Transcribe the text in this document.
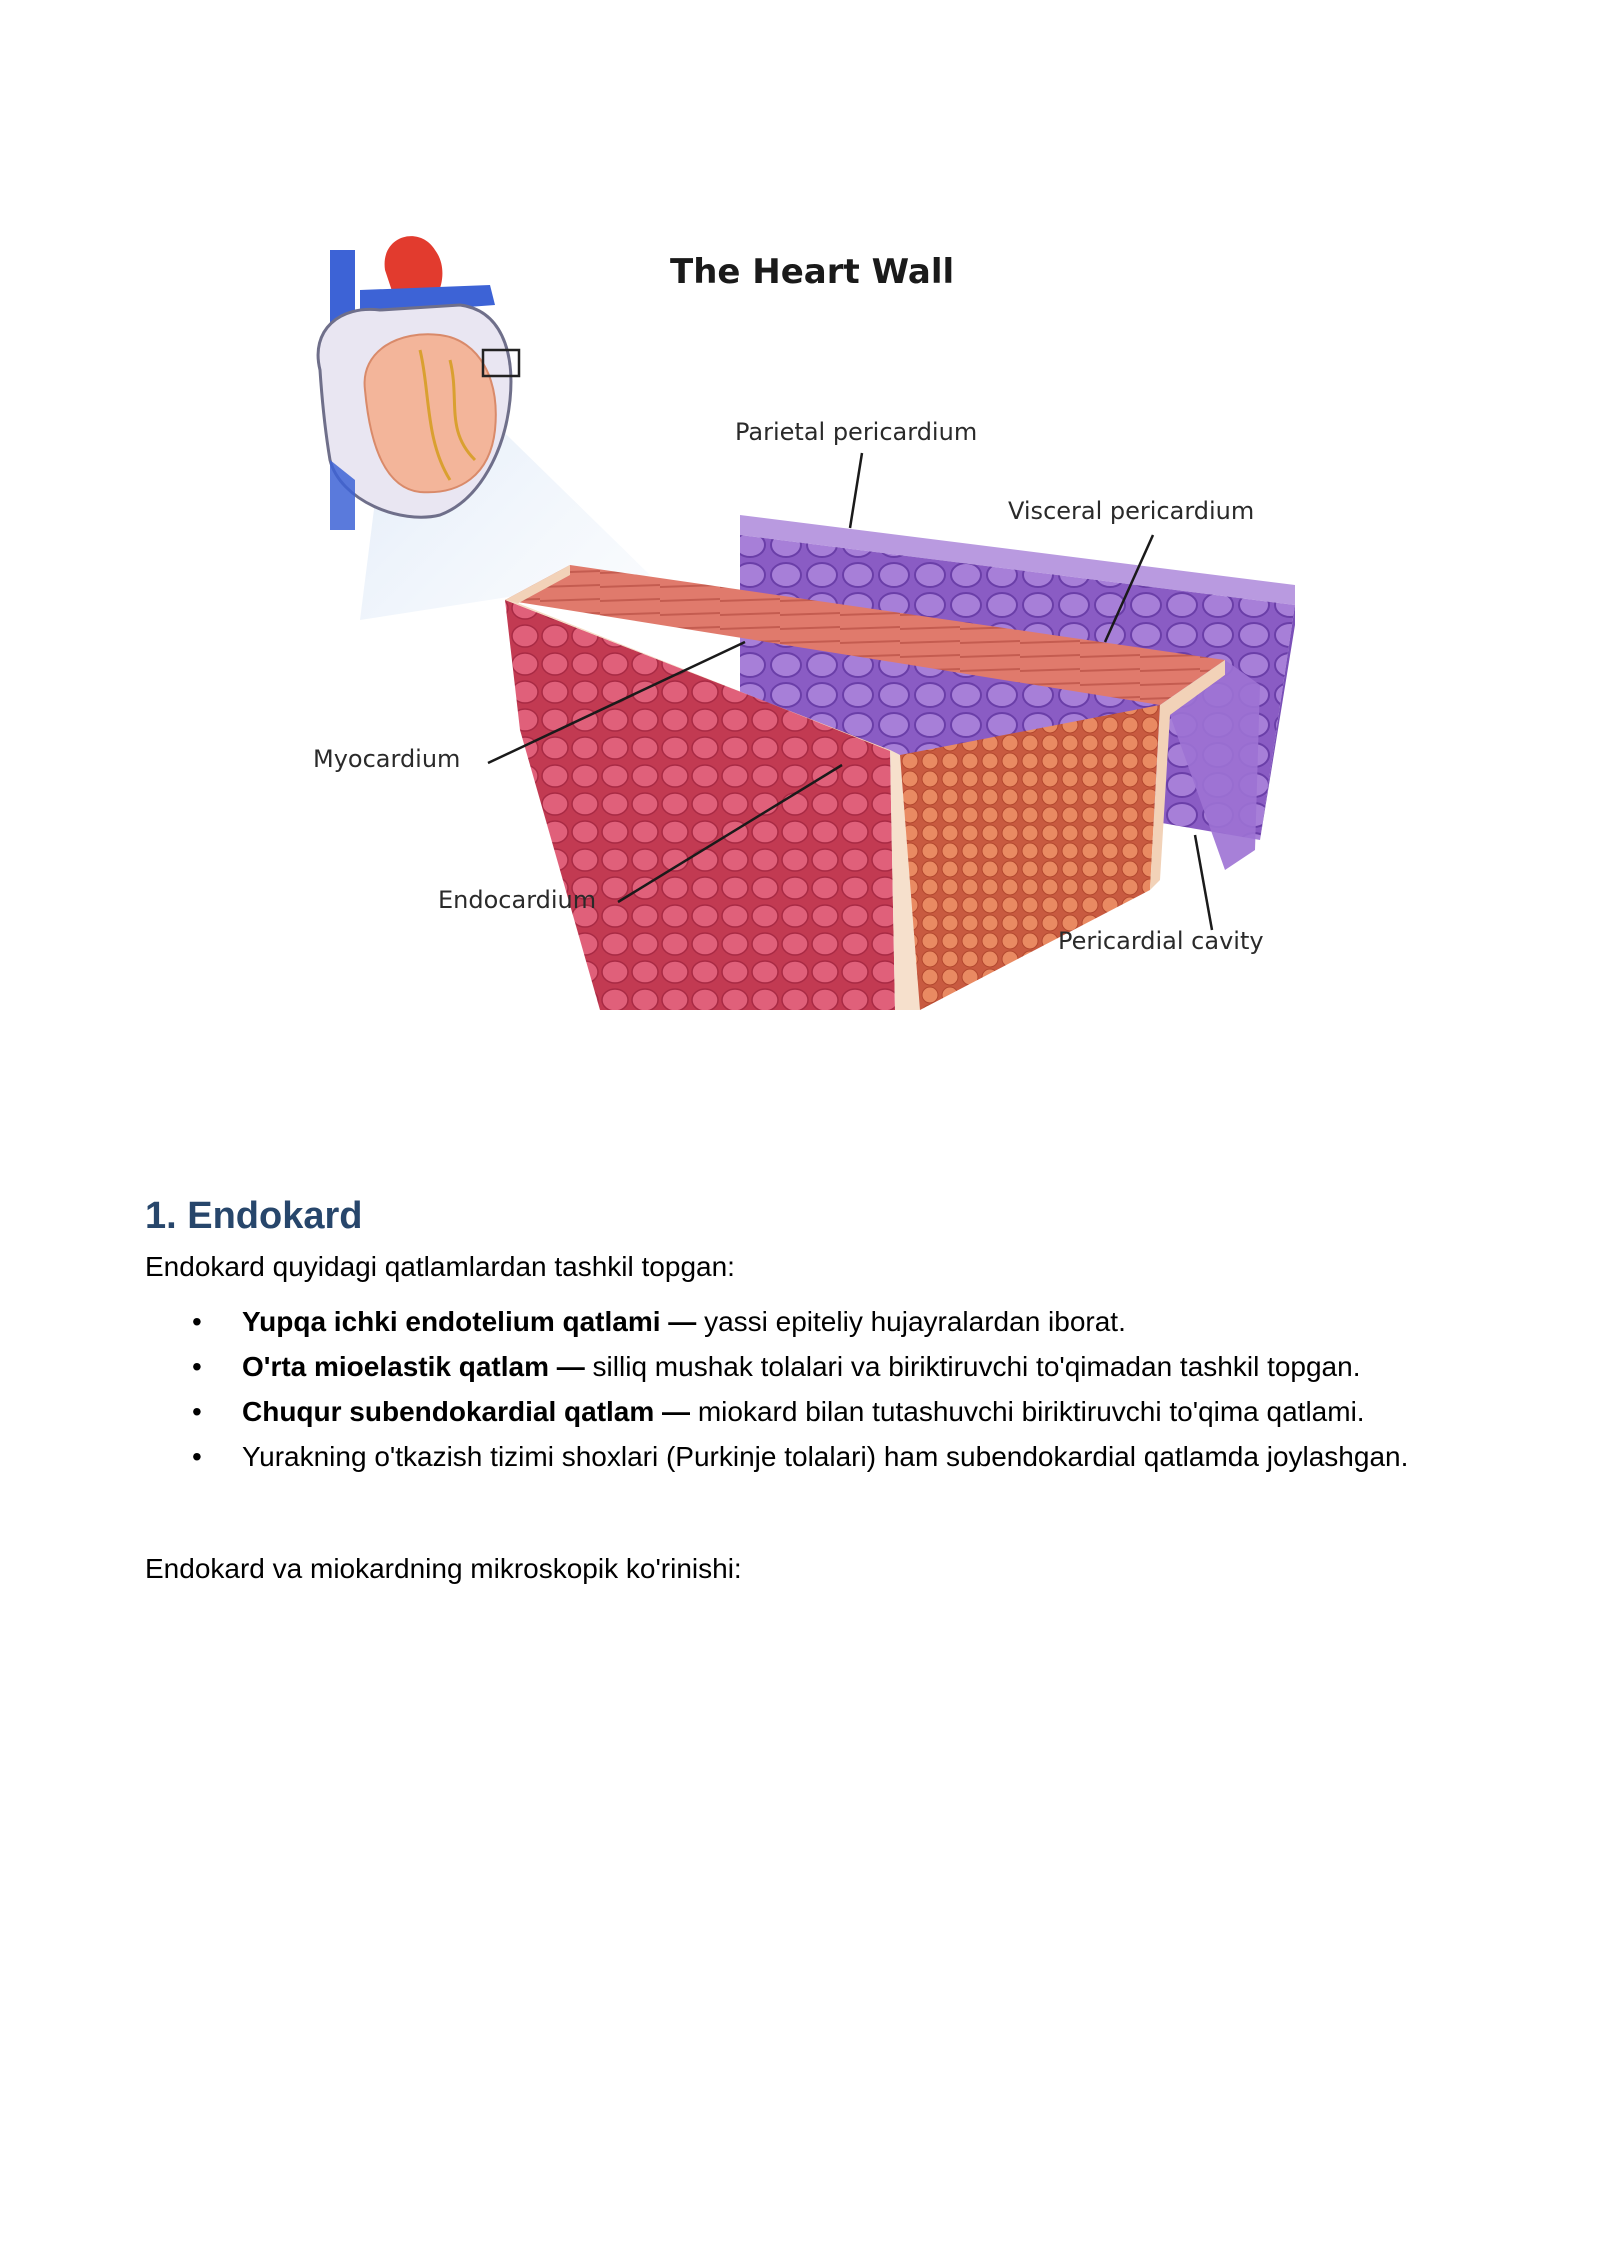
The Heart Wall
Parietal pericardium
Visceral pericardium
Myocardium
Endocardium
Pericardial cavity
1. Endokard

Endokard quyidagi qatlamlardan tashkil topgan:

• Yupqa ichki endotelium qatlami — yassi epiteliy hujayralardan iborat.
• O'rta mioelastik qatlam — silliq mushak tolalari va biriktiruvchi to'qimadan tashkil topgan.
• Chuqur subendokardial qatlam — miokard bilan tutashuvchi biriktiruvchi to'qima qatlami.
• Yurakning o'tkazish tizimi shoxlari (Purkinje tolalari) ham subendokardial qatlamda joylashgan.

Endokard va miokardning mikroskopik ko'rinishi:
